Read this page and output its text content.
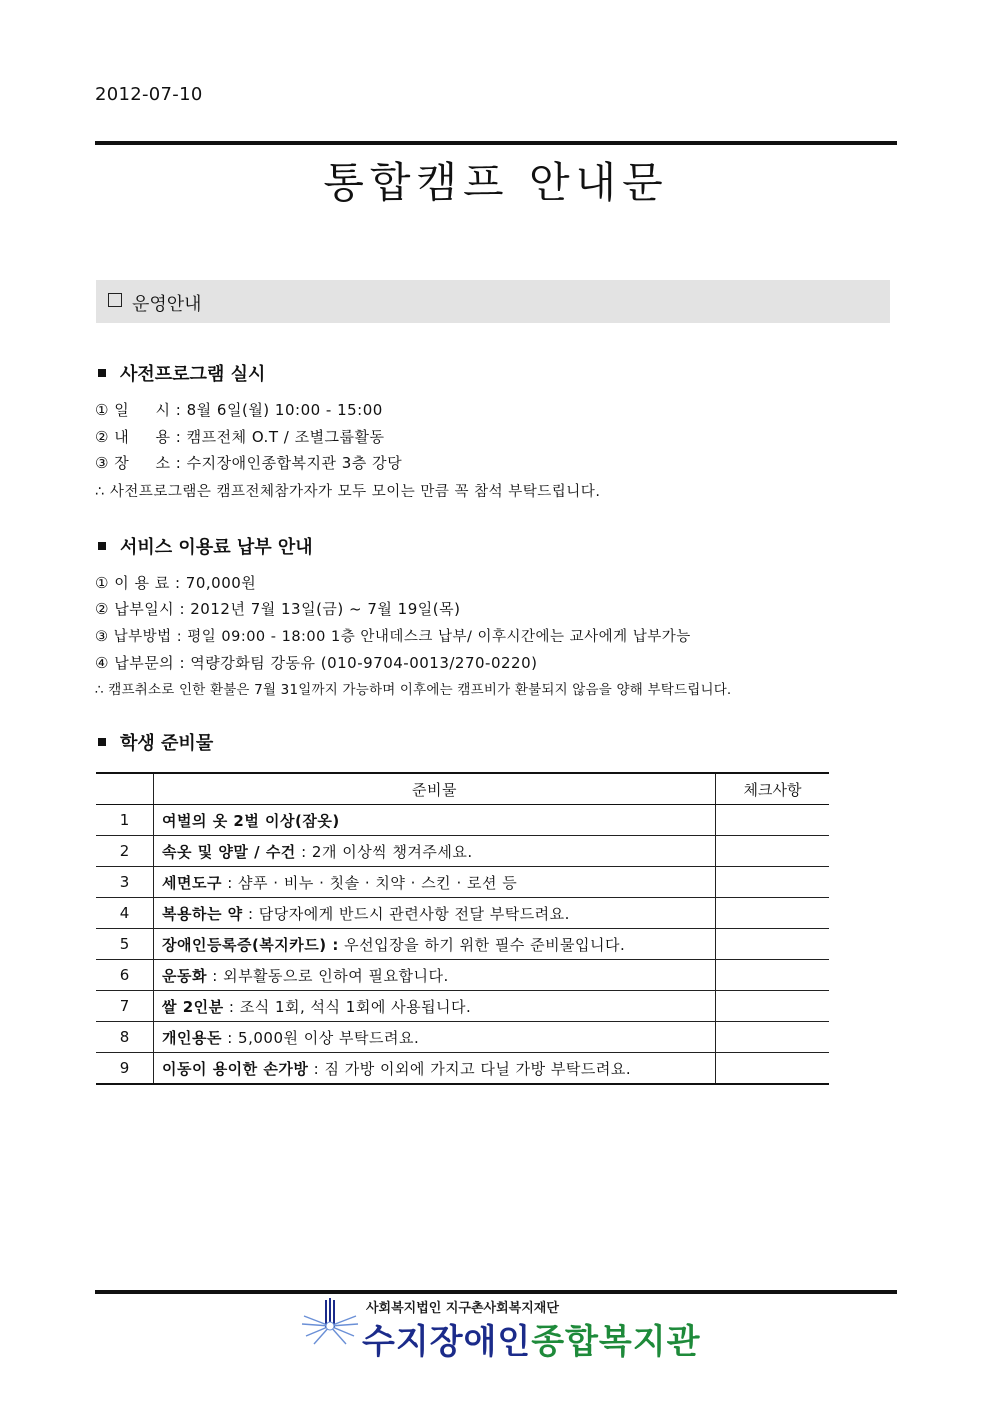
2012-07-10
통합캠프 안내문
운영안내
사전프로그램 실시
① 일     시 : 8월 6일(월) 10:00 - 15:00
② 내     용 : 캠프전체 O.T / 조별그룹활동
③ 장     소 : 수지장애인종합복지관 3층 강당
∴ 사전프로그램은 캠프전체참가자가 모두 모이는 만큼 꼭 참석 부탁드립니다.
서비스 이용료 납부 안내
① 이 용 료 : 70,000원
② 납부일시 : 2012년 7월 13일(금) ~ 7월 19일(목)
③ 납부방법 : 평일 09:00 - 18:00 1층 안내데스크 납부/ 이후시간에는 교사에게 납부가능
④ 납부문의 : 역량강화팀 강동유 (010-9704-0013/270-0220)
∴ 캠프취소로 인한 환불은 7월 31일까지 가능하며 이후에는 캠프비가 환불되지 않음을 양해 부탁드립니다.
학생 준비물
	준비물	체크사항
1	여벌의 옷 2벌 이상(잠옷)	
2	속옷 및 양말 / 수건 : 2개 이상씩 챙겨주세요.	
3	세면도구 : 샴푸 · 비누 · 칫솔 · 치약 · 스킨 · 로션 등	
4	복용하는 약 : 담당자에게 반드시 관련사항 전달 부탁드려요.	
5	장애인등록증(복지카드) : 우선입장을 하기 위한 필수 준비물입니다.	
6	운동화 : 외부활동으로 인하여 필요합니다.	
7	쌀 2인분 : 조식 1회, 석식 1회에 사용됩니다.	
8	개인용돈 : 5,000원 이상 부탁드려요.	
9	이동이 용이한 손가방 : 짐 가방 이외에 가지고 다닐 가방 부탁드려요.	
사회복지법인 지구촌사회복지재단
수지장애인종합복지관
